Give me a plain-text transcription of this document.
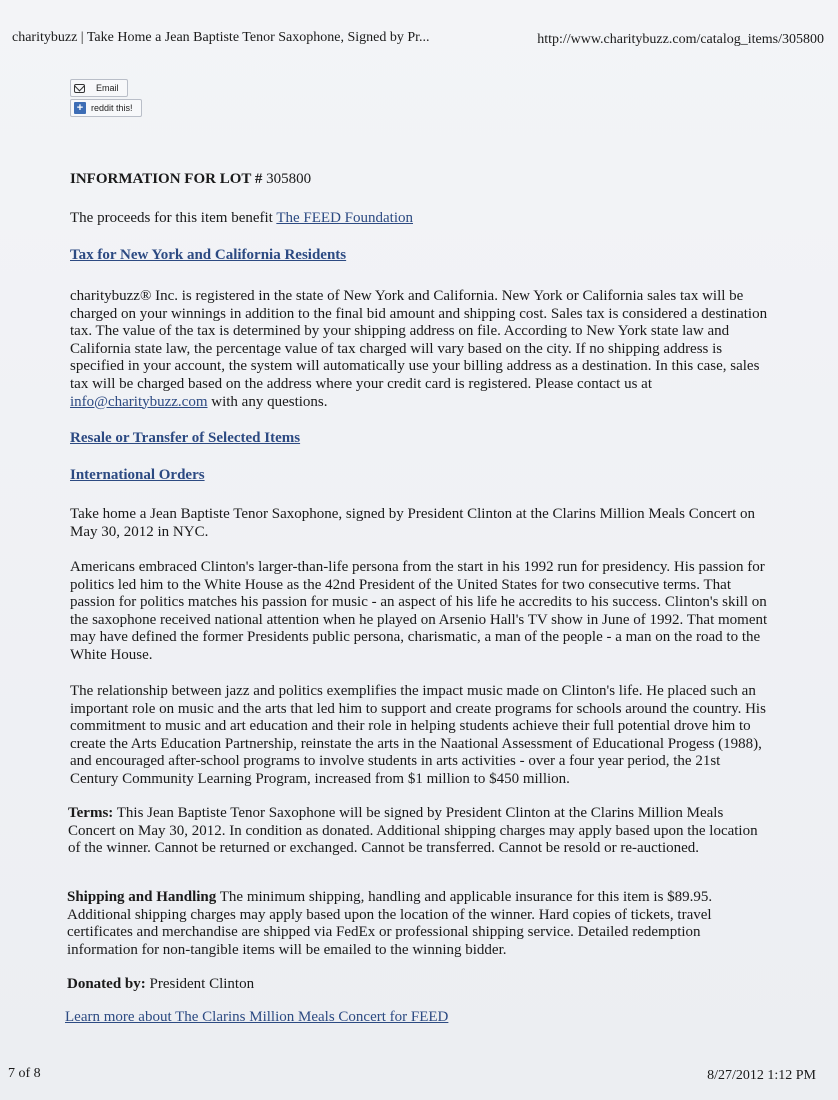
charitybuzz | Take Home a Jean Baptiste Tenor Saxophone, Signed by Pr...	http://www.charitybuzz.com/catalog_items/305800
Email
+ reddit this!
INFORMATION FOR LOT # 305800
The proceeds for this item benefit The FEED Foundation
Tax for New York and California Residents
charitybuzz® Inc. is registered in the state of New York and California. New York or California sales tax will be charged on your winnings in addition to the final bid amount and shipping cost. Sales tax is considered a destination tax. The value of the tax is determined by your shipping address on file. According to New York state law and California state law, the percentage value of tax charged will vary based on the city. If no shipping address is specified in your account, the system will automatically use your billing address as a destination. In this case, sales tax will be charged based on the address where your credit card is registered. Please contact us at info@charitybuzz.com with any questions.
Resale or Transfer of Selected Items
International Orders

Take home a Jean Baptiste Tenor Saxophone, signed by President Clinton at the Clarins Million Meals Concert on May 30, 2012 in NYC.

Americans embraced Clinton's larger-than-life persona from the start in his 1992 run for presidency. His passion for politics led him to the White House as the 42nd President of the United States for two consecutive terms. That passion for politics matches his passion for music - an aspect of his life he accredits to his success. Clinton's skill on the saxophone received national attention when he played on Arsenio Hall's TV show in June of 1992. That moment may have defined the former Presidents public persona, charismatic, a man of the people - a man on the road to the White House.

The relationship between jazz and politics exemplifies the impact music made on Clinton's life. He placed such an important role on music and the arts that led him to support and create programs for schools around the country. His commitment to music and art education and their role in helping students achieve their full potential drove him to create the Arts Education Partnership, reinstate the arts in the Naational Assessment of Educational Progess (1988), and encouraged after-school programs to involve students in arts activities - over a four year period, the 21st Century Community Learning Program, increased from $1 million to $450 million.

Terms: This Jean Baptiste Tenor Saxophone will be signed by President Clinton at the Clarins Million Meals Concert on May 30, 2012. In condition as donated. Additional shipping charges may apply based upon the location of the winner. Cannot be returned or exchanged. Cannot be transferred. Cannot be resold or re-auctioned.
Shipping and Handling The minimum shipping, handling and applicable insurance for this item is $89.95. Additional shipping charges may apply based upon the location of the winner. Hard copies of tickets, travel certificates and merchandise are shipped via FedEx or professional shipping service. Detailed redemption information for non-tangible items will be emailed to the winning bidder.
Donated by: President Clinton
Learn more about The Clarins Million Meals Concert for FEED
7 of 8	8/27/2012 1:12 PM
